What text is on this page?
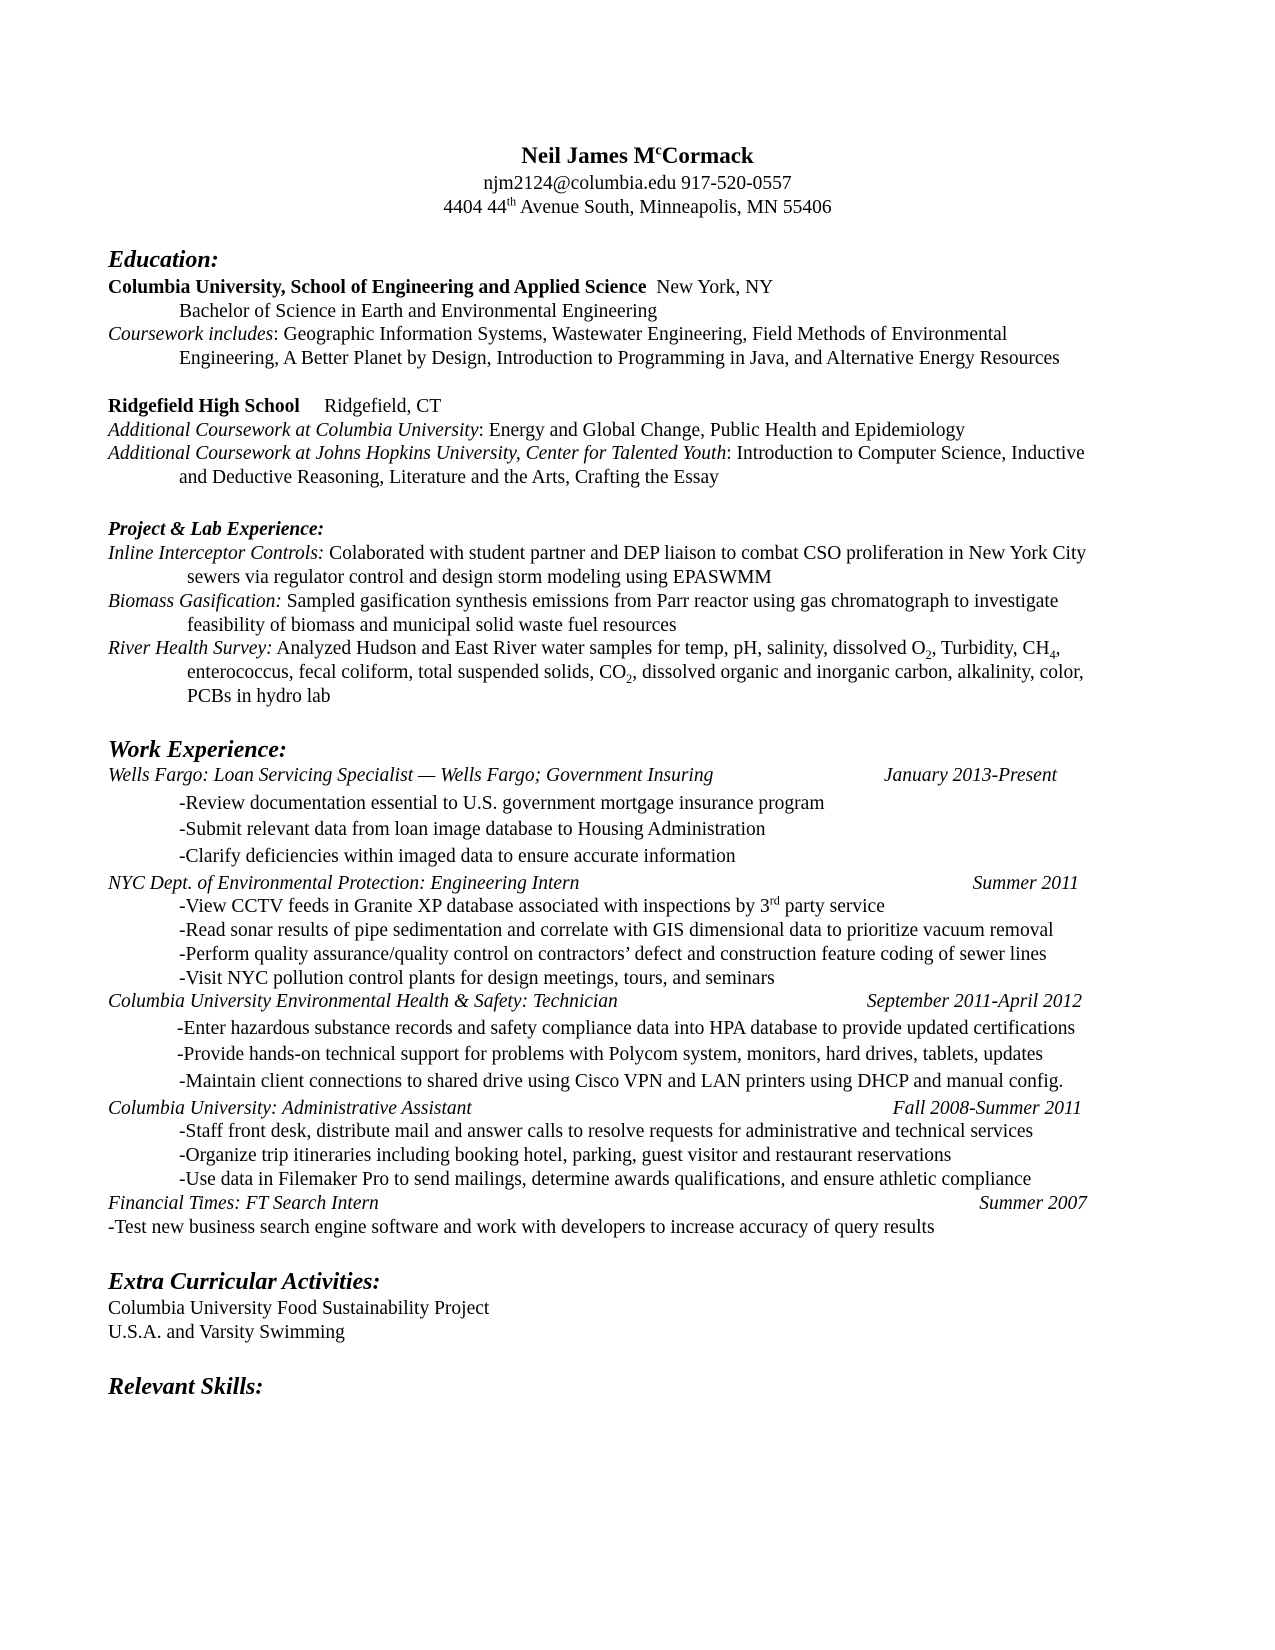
Neil James $M^cCormack$
njm2124@columbia.edu 917-520-0557
4404 44th Avenue South, Minneapolis, MN 55406
Education:
Columbia University, School of Engineering and Applied Science New York, NY
Bachelor of Science in Earth and Environmental Engineering
Coursework includes: Geographic Information Systems, Wastewater Engineering, Field Methods of Environmental
Engineering, A Better Planet by Design, Introduction to Programming in Java, and Alternative Energy Resources
Ridgefield High School Ridgefield, CT
Additional Coursework at Columbia University: Energy and Global Change, Public Health and Epidemiology
Additional Coursework at Johns Hopkins University, Center for Talented Youth: Introduction to Computer Science, Inductive
and Deductive Reasoning, Literature and the Arts, Crafting the Essay
Project & Lab Experience:
Inline Interceptor Controls: Colaborated with student partner and DEP liaison to combat CSO proliferation in New York City
sewers via regulator control and design storm modeling using EPASWMM
Biomass Gasification: Sampled gasification synthesis emissions from Parr reactor using gas chromatograph to investigate
feasibility of biomass and municipal solid waste fuel resources
River Health Survey: Analyzed Hudson and East River water samples for temp, pH, salinity, dissolved $O_2$, Turbidity, $CH_4$,
enterococcus, fecal coliform, total suspended solids, $CO_2$, dissolved organic and inorganic carbon, alkalinity, color,
PCBs in hydro lab
Work Experience:
Wells Fargo: Loan Servicing Specialist — Wells Fargo; Government Insuring	January 2013-Present
-Review documentation essential to U.S. government mortgage insurance program
-Submit relevant data from loan image database to Housing Administration
-Clarify deficiencies within imaged data to ensure accurate information
NYC Dept. of Environmental Protection: Engineering Intern	Summer 2011
-View CCTV feeds in Granite XP database associated with inspections by 3rd party service
-Read sonar results of pipe sedimentation and correlate with GIS dimensional data to prioritize vacuum removal
-Perform quality assurance/quality control on contractors’ defect and construction feature coding of sewer lines
-Visit NYC pollution control plants for design meetings, tours, and seminars
Columbia University Environmental Health & Safety: Technician	September 2011-April 2012
-Enter hazardous substance records and safety compliance data into HPA database to provide updated certifications
-Provide hands-on technical support for problems with Polycom system, monitors, hard drives, tablets, updates
-Maintain client connections to shared drive using Cisco VPN and LAN printers using DHCP and manual config.
Columbia University: Administrative Assistant	Fall 2008-Summer 2011
-Staff front desk, distribute mail and answer calls to resolve requests for administrative and technical services
-Organize trip itineraries including booking hotel, parking, guest visitor and restaurant reservations
-Use data in Filemaker Pro to send mailings, determine awards qualifications, and ensure athletic compliance
Financial Times: FT Search Intern	Summer 2007
-Test new business search engine software and work with developers to increase accuracy of query results
Extra Curricular Activities:
Columbia University Food Sustainability Project
U.S.A. and Varsity Swimming
Relevant Skills:
